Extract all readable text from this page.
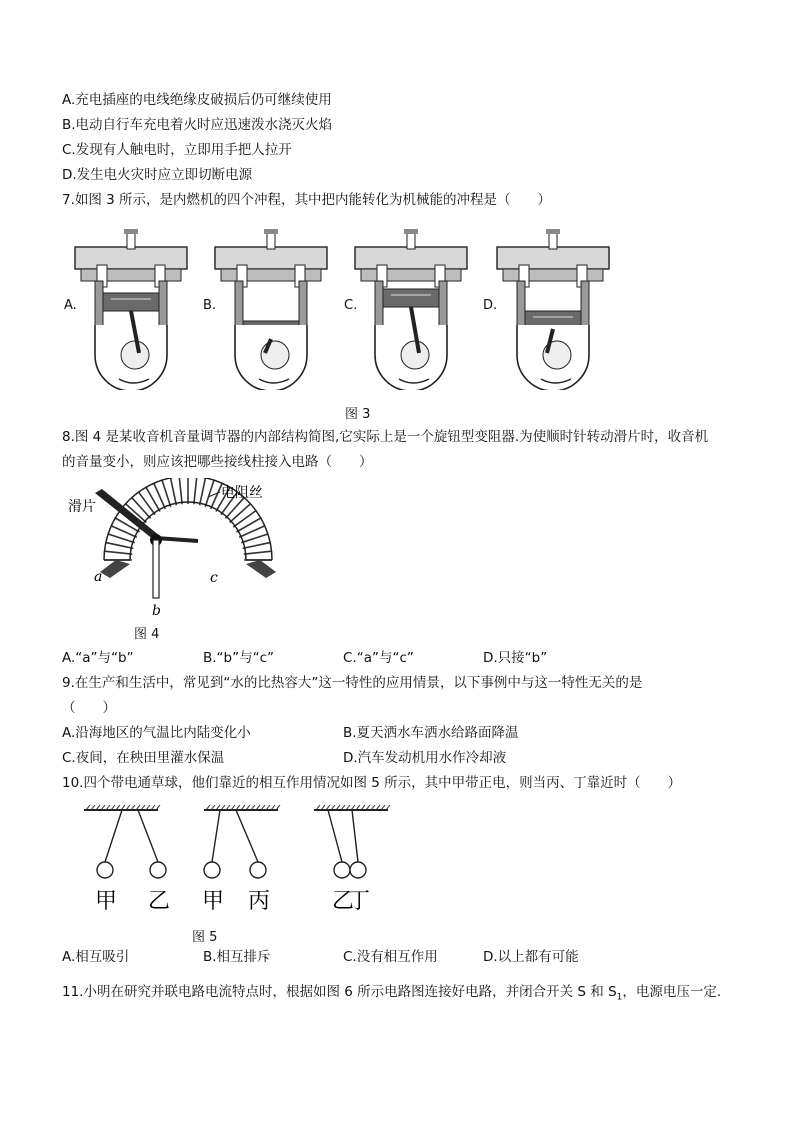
A.充电插座的电线绝缘皮破损后仍可继续使用
B.电动自行车充电着火时应迅速泼水浇灭火焰
C.发现有人触电时，立即用手把人拉开
D.发生电火灾时应立即切断电源
7.如图 3 所示，是内燃机的四个冲程，其中把内能转化为机械能的冲程是（　　）
A.	B.	C.	D.
图 3
8.图 4 是某收音机音量调节器的内部结构简图,它实际上是一个旋钮型变阻器.为使顺时针转动滑片时，收音机
的音量变小，则应该把哪些接线柱接入电路（　　）
滑片
电阻丝
a
b
c
图 4
A.“a”与“b”	B.“b”与“c”	C.“a”与“c”	D.只接“b”
9.在生产和生活中，常见到“水的比热容大”这一特性的应用情景，以下事例中与这一特性无关的是
（　　）
A.沿海地区的气温比内陆变化小	B.夏天洒水车洒水给路面降温
C.夜间，在秧田里灌水保温	D.汽车发动机用水作冷却液
10.四个带电通草球，他们靠近的相互作用情况如图 5 所示，其中甲带正电，则当丙、丁靠近时（　　）
甲 乙 甲 丙	乙
丁
图 5
A.相互吸引	B.相互排斥	C.没有相互作用	D.以上都有可能
11.小明在研究并联电路电流特点时，根据如图 6 所示电路图连接好电路，并闭合开关 S 和 $S_1$，电源电压一定.
